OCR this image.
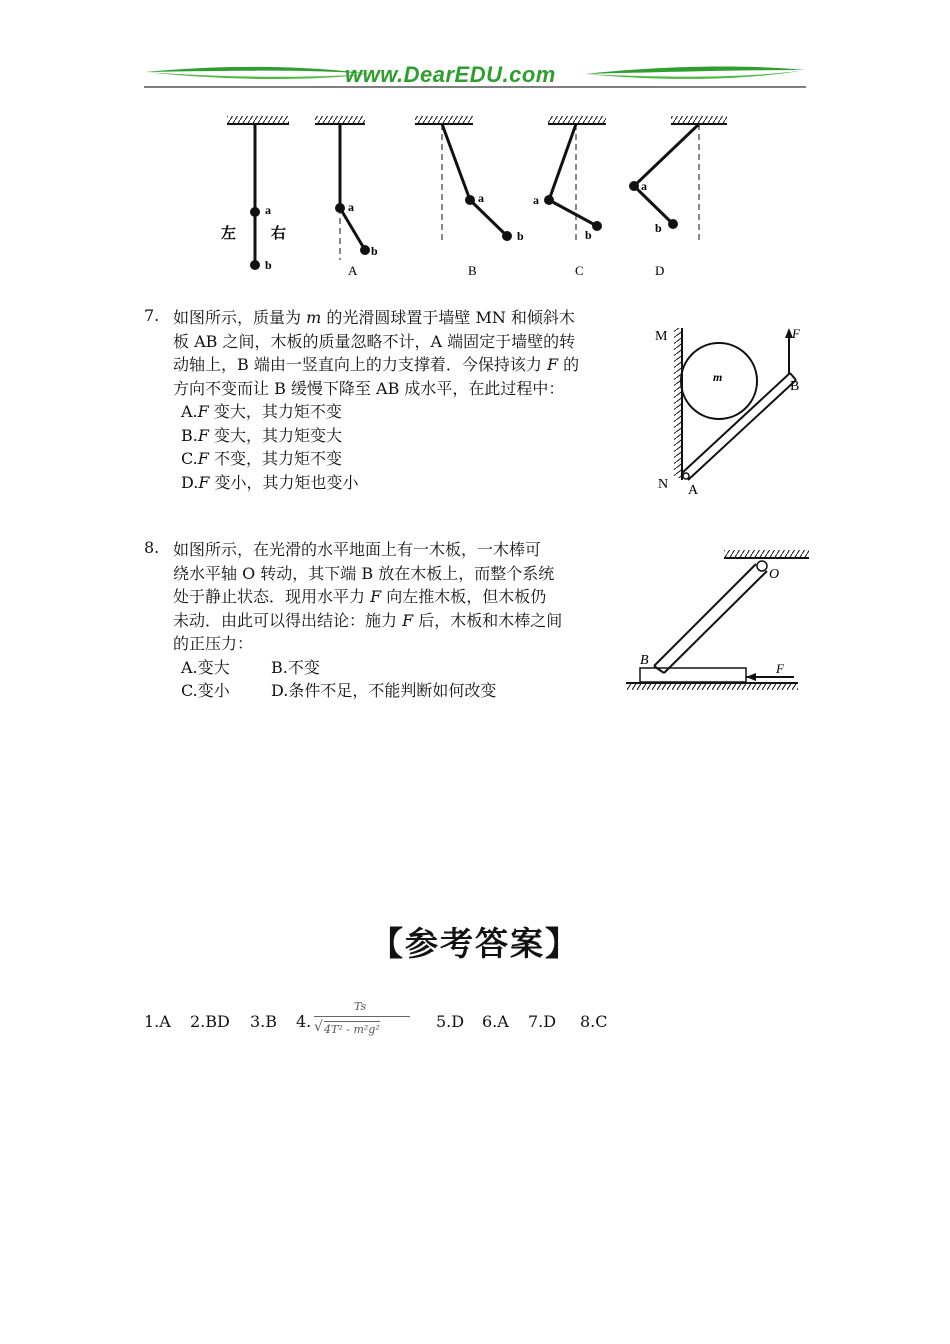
www.DearEDU.com
a
b
左 右
a
b
A
a
b
B
a
b
C
a
b
D
7. 如图所示，质量为 m 的光滑圆球置于墙壁 MN 和倾斜木
板 AB 之间，木板的质量忽略不计，A 端固定于墙壁的转
动轴上，B 端由一竖直向上的力支撑着．今保持该力 F 的
方向不变而让 B 缓慢下降至 AB 成水平，在此过程中：
A.F 变大，其力矩不变
B.F 变大，其力矩变大
C.F 不变，其力矩不变
D.F 变小，其力矩也变小
m
F
M
N A
B
8. 如图所示，在光滑的水平地面上有一木板，一木棒可
绕水平轴 O 转动，其下端 B 放在木板上，而整个系统
处于静止状态．现用水平力 F 向左推木板，但木板仍
未动．由此可以得出结论：施力 F 后，木板和木棒之间
的正压力：
A.变大	B.不变
C.变小	D.条件不足，不能判断如何改变
O
B
F
【参考答案】
1.A 2.BD 3.B 4.
Ts
√ 4T² - m²g²	5.D 6.A 7.D 8.C
